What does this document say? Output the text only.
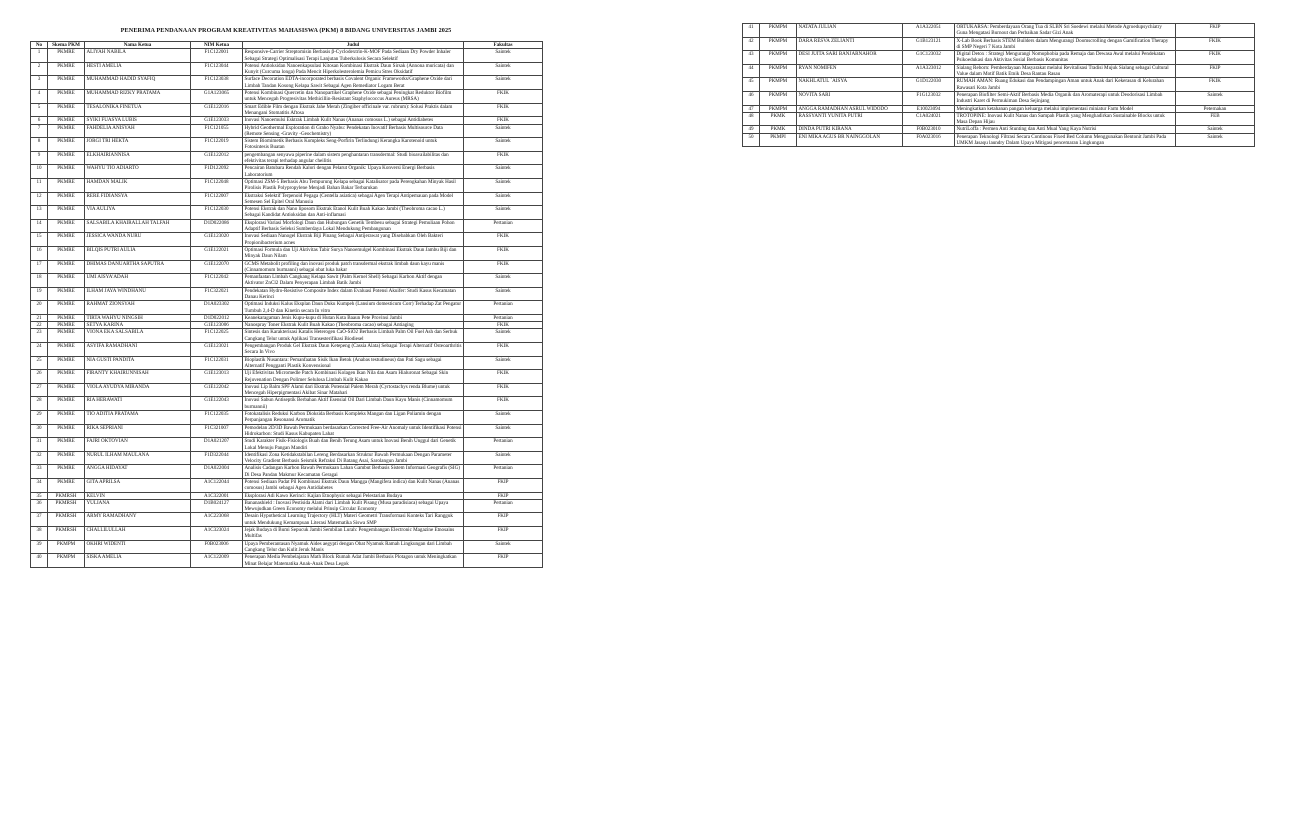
PENERIMA PENDANAAN PROGRAM KREATIVITAS MAHASISWA (PKM) 8 BIDANG UNIVERSITAS JAMBI 2025
No	Skema PKM	Nama Ketua	NIM Ketua	Judul	Fakultas
1	PKMRE	ALIYAH NABILA	F1C122001	Responsive-Carrier Streptomisin Berbasis β-Cyclodextrin-K-MOF Pada Sediaan Dry Powder Inhaler Sebagai Strategi Optimalisasi Terapi Lanjutan Tuberkulosis Secara Selektif	Saintek
2	PKMRE	HESTI AMELIA	F1C123044	Potensi Antioksidan Nanoenkapsulasi Kitosan Kombinasi Ekstrak Daun Sirsak (Annona muricata) dan Kunyit (Curcuma longa) Pada Mencit Hiperkolesterolemia Pemicu Stres Oksidatif	Saintek
3	PKMRE	MUHAMMAD HADID SYAFIQ	F1C123038	Surface Decoration EDTA-incorporated berbasis Covalent Organic Frameworks/Graphene Oxide dari Limbah Tandan Kosong Kelapa Sawit Sebagai Agen Remediator Logam Berat	Saintek
4	PKMRE	MUHAMMAD RIZKY PRATAMA	G1A123065	Potensi Kombinasi Quercetin dan Nanopartikel Graphene Oxide sebagai Peningkat Reduktor Biofilm untuk Mencegah Progresivitas Methicillin-Resistant Staphylococcus Aureus (MRSA)	FKIK
5	PKMRE	TESALONIKA FINETUA	G1E122016	Smart Edible Film dengan Ekstrak Jahe Merah (Zingiber officinale var. rubrum): Solusi Praktis dalam Menangani Stomatitis Aftosa	FKIK
6	PKMRE	SYIKI FUASYA LUBIS	G1E123033	Inovasi Nanoemulsi Esktrak Limbah Kulit Nanas (Ananas comosus L.) sebagai Antidiabetes	FKIK
7	PKMRE	FAHDELIA ANISYAH	F1C121055	Hybrid Geothermal Exploration di Graho Nyabu: Pendekatan Inovatif Berbasis Multisource Data (Remote Sensing -Gravity -Geochemistry)	Saintek
8	PKMRE	JORGI TRI HEKTA	F1C122019	Sistem Biomimetik Berbasis Kompleks Seng-Porfirin Terlindungi Kerangka Karotenoid untuk Fotosintesis Buatan	Saintek
9	PKMRE	ELKHAIRIANNISA	G1E122012	pengembangan senyawa piperine dalam sistem penghantaran transdermal: Studi bioavailabilitas dan efektivitas terapi terhadap angular cheilitis	FKIK
10	PKMRE	WAHYU TIO ADIARTO	F1D122092	Pencairan Batubara Rendah Kalori dengan Pelarut Organik: Upaya Konversi Energi Berbasis Laboratorium	Saintek
11	PKMRE	HAMDAN MALIK	F1C122048	Optimasi ZSM-5 Berbasis Abu Tempurung Kelapa sebagai Katalisator pada Perengkahan Minyak Hasil Pirolisis Plastik Polypropylene Menjadi Bahan Bakar Terbarukan	Saintek
12	PKMRE	RERE FIDIANSYA	F1C122007	Ekstraksi Selektif Terpenoid Pegaga (Centella asiatica) sebagai Agen Terapi Antipemauan pada Model Semesen Sel Epitel Oral Manusia	Saintek
13	PKMRE	VIA AULIYA	F1C122030	Potensi Ekstrak dan Nano liposom Ekstrak Etanol Kulit Buah Kakao Jambi (Theobroma cacao L.) Sebagai Kandidat Antioksidan dan Anti-inflamasi	Saintek
14	PKMRE	SALSABILA KHAIRALLAH TALFAH	D1D022086	Eksplorasi Variasi Morfologi Daun dan Hubungan Genetik Tembesu sebagai Strategi Pemuliaan Pohon Adaptif Berbasis Seleksi Sumberdaya Lokal Mendukung Pembangunan	Pertanian
15	PKMRE	JESSICA WANDA NURU	G1E123020	Inovasi Sediaan Nanogel Ekstrak Biji Pinang Sebagai Antijerawat yang Disebabkan Oleh Bakteri Propionibacterium acnes	FKIK
16	PKMRE	BILQIS PUTRI AULIA	G1E122021	Optimasi Formula dan Uji Aktivitas Tabir Surya Nanoemulgel Kombinasi Ekstrak Daun Jambu Biji dan Minyak Daun Nilam	FKIK
17	PKMRE	DHIMAS DANUARTHA SAPUTRA	G1E122070	GCMS Metabolit profiling dan inovasi produk patch transdermal ekstrak limbah daun kayu manis (Cinnamomum burmanni) sebagai obat luka bakar	FKIK
18	PKMRE	UMI AISYA'ADAH	F1C122042	Pemanfaatan Limbah Cangkang Kelapa Sawit (Palm Kernel Shell) Sebagai Karbon Aktif dengan Aktivator ZnCl2 Dalam Penyerapan Limbah Batik Jambi	Saintek
19	PKMRE	ILHAM JAYA WINDHANU	F1C322021	Pendekatan Hydro-Resistive Composite Index dalam Evaluasi Potensi Akuifer: Studi Kasus Kecamatan Danau Kerinci	Saintek
20	PKMRE	RAHMAT ZIONSYAH	D1A023302	Optimasi Induksi Kalus Eksplan Daun Duku Kumpeh (Lansium domesticum Corr) Terhadap Zat Pengatur Tumbuh 2,4-D dan Kinetin secara In vitro	Pertanian
21	PKMRE	TIRTA WAHYU NINGSIH	D1D022012	Keanekaragaman Jenis Kupu-kupu di Hutan Kota Baaun Pete Provinsi Jambi	Pertanian
22	PKMRE	SETYA KARINA	G1E123006	Nanospray Toner Ekstrak Kulit Buah Kakao (Theobroma cacao) sebagai Antiaging	FKIK
23	PKMRE	VIONA EKA SALSABILA	F1C122025	Sintesis dan Karakterisasi Katalis Heterogen CaO-SiO2 Berbasis Limbah Palm Oil Fuel Ash dan Serbuk Cangkang Telur untuk Aplikasi Transesterifikasi Biodiesel	Saintek
24	PKMRE	ASYIFA RAMADHANI	G1E123021	Pengembangan Produk Gel Ekstrak Daun Ketepeng (Cassia Alata) Sebagai Terapi Alternatif Osteoarthritis Secara In Vivo	FKIK
25	PKMRE	NIA GUSTI PANDITA	F1C122031	Bioplastik Nusantara: Pemanfaatan Sisik Ikan Betok (Anabas testudineus) dan Pati Sagu sebagai Alternatif Pengganti Plastik Konvensional	Saintek
26	PKMRE	FIRANTY KHAIRUNNISAH	G1E123013	Uji Efektivitas Micromedle Patch Kombinasi Kolagen Ikan Nila dan Asam Hialuronat Sebagai Skin Rejuvenation Dengan Polimer Selulosa Limbah Kulit Kakao	FKIK
27	PKMRE	VIOLA AYUDYA MIRANDA	G1E122042	Inovasi Lip Balm SPF Alami dari Ekstrak Potensial Palem Merah (Cyrtostachys renda Blume) untuk Mencegah Hiperpigmentasi Akibat Sinar Matahari	FKIK
28	PKMRE	RIA HERAWATI	G1E122043	Inovasi Sabun Antiseptik Berbahan Aktif Esensial Oil Dari Limbah Daun Kayu Manis (Cinnamomum burmannii)	FKIK
29	PKMRE	TIO ADITIA PRATAMA	F1C122035	Fotokatalisis Reduksi Karbon Dioksida Berbasis Kompleks Mangan dan Ligan Poliamin dengan Perpanjangan Resonansi Aromatik	Saintek
30	PKMRE	RIKA SEPRIANI	F1C321007	Pemodelan 2D/3D Bawah Permukaan berdasarkan Corrected Free-Air Anomaly untuk Identifikasi Potensi Hidrokarbon: Studi Kasus Kabupaten Lahat	Saintek
31	PKMRE	FAJRI OKTOVIAN	D1A021207	Studi Karakter Fisik-Fisiologis Buah dan Benih Terung Asam untuk Inovasi Benih Unggul dari Genetik Lokal Menuju Pangan Mandiri	Pertanian
32	PKMRE	NURUL ILHAM MAULANA	F1D322044	Identifikasi Zona Ketidakstabilan Lereng Berdasarkan Struktur Bawah Permukaan Dengan Parameter Velocity Gradient Berbasis Seismik Refraksi Di Batang Asai, Sarolangun Jambi	Saintek
33	PKMRE	ANGGA HIDAYAT	D1A022004	Analisis Cadangan Karbon Bawah Permukaan Lahan Gambut Berbasis Sistem Informasi Geografis (SIG) Di Desa Pandan Makmur Kecamatan Geragai	Pertanian
34	PKMRE	GITA APRILSA	A1C122044	Potensi Sediaan Padat Pil Kombinasi Ekstrak Daun Mangga (Mangifera indica) dan Kulit Nanas (Ananas comosus) Jambi sebagai Agen Antidiabetes	FKIP
35	PKMRSH	KELVIN	A1C322001	Eksplorasi Adi Kawo Kerinci: Kajian Etnophysic sebagai Pelestarian Budaya	FKIP
36	PKMRSH	YULIANA	D1B024127	Bananashield : Inovasi Pestisida Alami dari Limbah Kulit Pisang (Musa paradisiaca) sebagai Upaya Mewujudkan Green Economy melalui Prinsip Circular Economy	Pertanian
37	PKMRSH	ARMY RAMADHANY	A1C223068	Desain Hypothetical Learning Trajectory (HLT) Materi Geometri Transformasi Konteks Tari Rangguk untuk Mendukung Kemampuan Literasi Matematika Siswa SMP	FKIP
38	PKMRSH	CHALLILULLAH	A1C323024	Jejak Budaya di Bumi Sepucuk Jambi Sembilan Lurah: Pengembangan Electronic Magazine Etnosains Multifas	FKIP
39	PKMPM	OKHRI WIDENTI	F0B023006	Upaya Pemberantasan Nyamuk Aides aegypti dengan Obat Nyamuk Ramah Lingkungan dari Limbah Cangkang Telur dan Kulit Jeruk Manis	Saintek
40	PKMPM	SISKA AMELIA	A1C122009	Penerapan Media Pembelajaran Math Block Rumah Adat Jambi Berbasis Plotagon untuk Meningkatkan Minat Belajar Matematika Anak-Anak Desa Legok	FKIP
41	PKMPM	NATATA JULIAN	A1A322051	ORTUKARSA: Pemberdayaan Orang Tua di SLBN Sri Soedewi melalui Metode Agroedupsychiatry Guna Mengatasi Burnout dan Perbaikan Sadar Gizi Anak	FKIP
42	PKMPM	DARA RESVA ZELIANTI	G1B123121	X-Lab Book Berbasis STEM Builders dalam Mengurangi Doomscrolling dengan Gamification Therapy di SMP Negeri 7 Kota Jambi	FKIK
43	PKMPM	DESI JUITA SARI BANJARNAHOR	G1C123032	Digital Detox : Strategi Mengurangi Nomophobia pada Remaja dan Dewasa Awal melalui Pendekatan Psikoedukasi dan Aktivitas Sosial Berbasis Komunitas	FKIK
44	PKMPM	RYAN NOMIFEN	A1A323012	Sialang Reborn: Pemberdayaan Masyarakat melalui Revitalisasi Tradisi Mujuk Sialang sebagai Cultural Value dalam Motif Batik Etnik Desa Rantau Rasau	FKIP
45	PKMPM	NAKHLATUL `AISYA	G1D122030	RUMAH AMAN: Ruang Edukasi dan Pendampingan Aman untuk Anak dari Kekerasan di Kelurahan Rawasari Kota Jambi	FKIK
46	PKMPM	NOVITA SARI	F1G123032	Penerapan Biofilter Semi-Aktif Berbasis Media Organik dan Aromaterapi untuk Deodorisasi Limbah Industri Karet di Permukiman Desa Sejinjang	Saintek
47	PKMPM	ANGGA RAMADHAN ASRUL WIDODO	E10023094	Meningkatkan ketahanan pangan keluarga melalui implementasi miniatur Farm Model	Peternakan
48	PKMK	RASSYANTI YUNITA PUTRI	C1A024021	TROTOPINE: Inovasi Kulit Nanas dan Sampah Plastik yang Menghadirkan Sustainable Blocks untuk Masa Depan Hijau	FEB
49	PKMK	DINDA PUTRI KIRANA	F0B023010	NutriLoffa : Permen Anti Stunting dan Anti Mual Yang Kaya Nutrisi	Saintek
50	PKMPI	ENI MIKA AGUS BR NAINGGOLAN	F0A023016	Penerapan Teknologi Filtrasi Secara Continous Fixed Bed Column Menggunakan Bentonit Jambi Pada UMKM Jasaqu laundry Dalam Upaya Mitigasi pencemaran Lingkungan	Saintek
